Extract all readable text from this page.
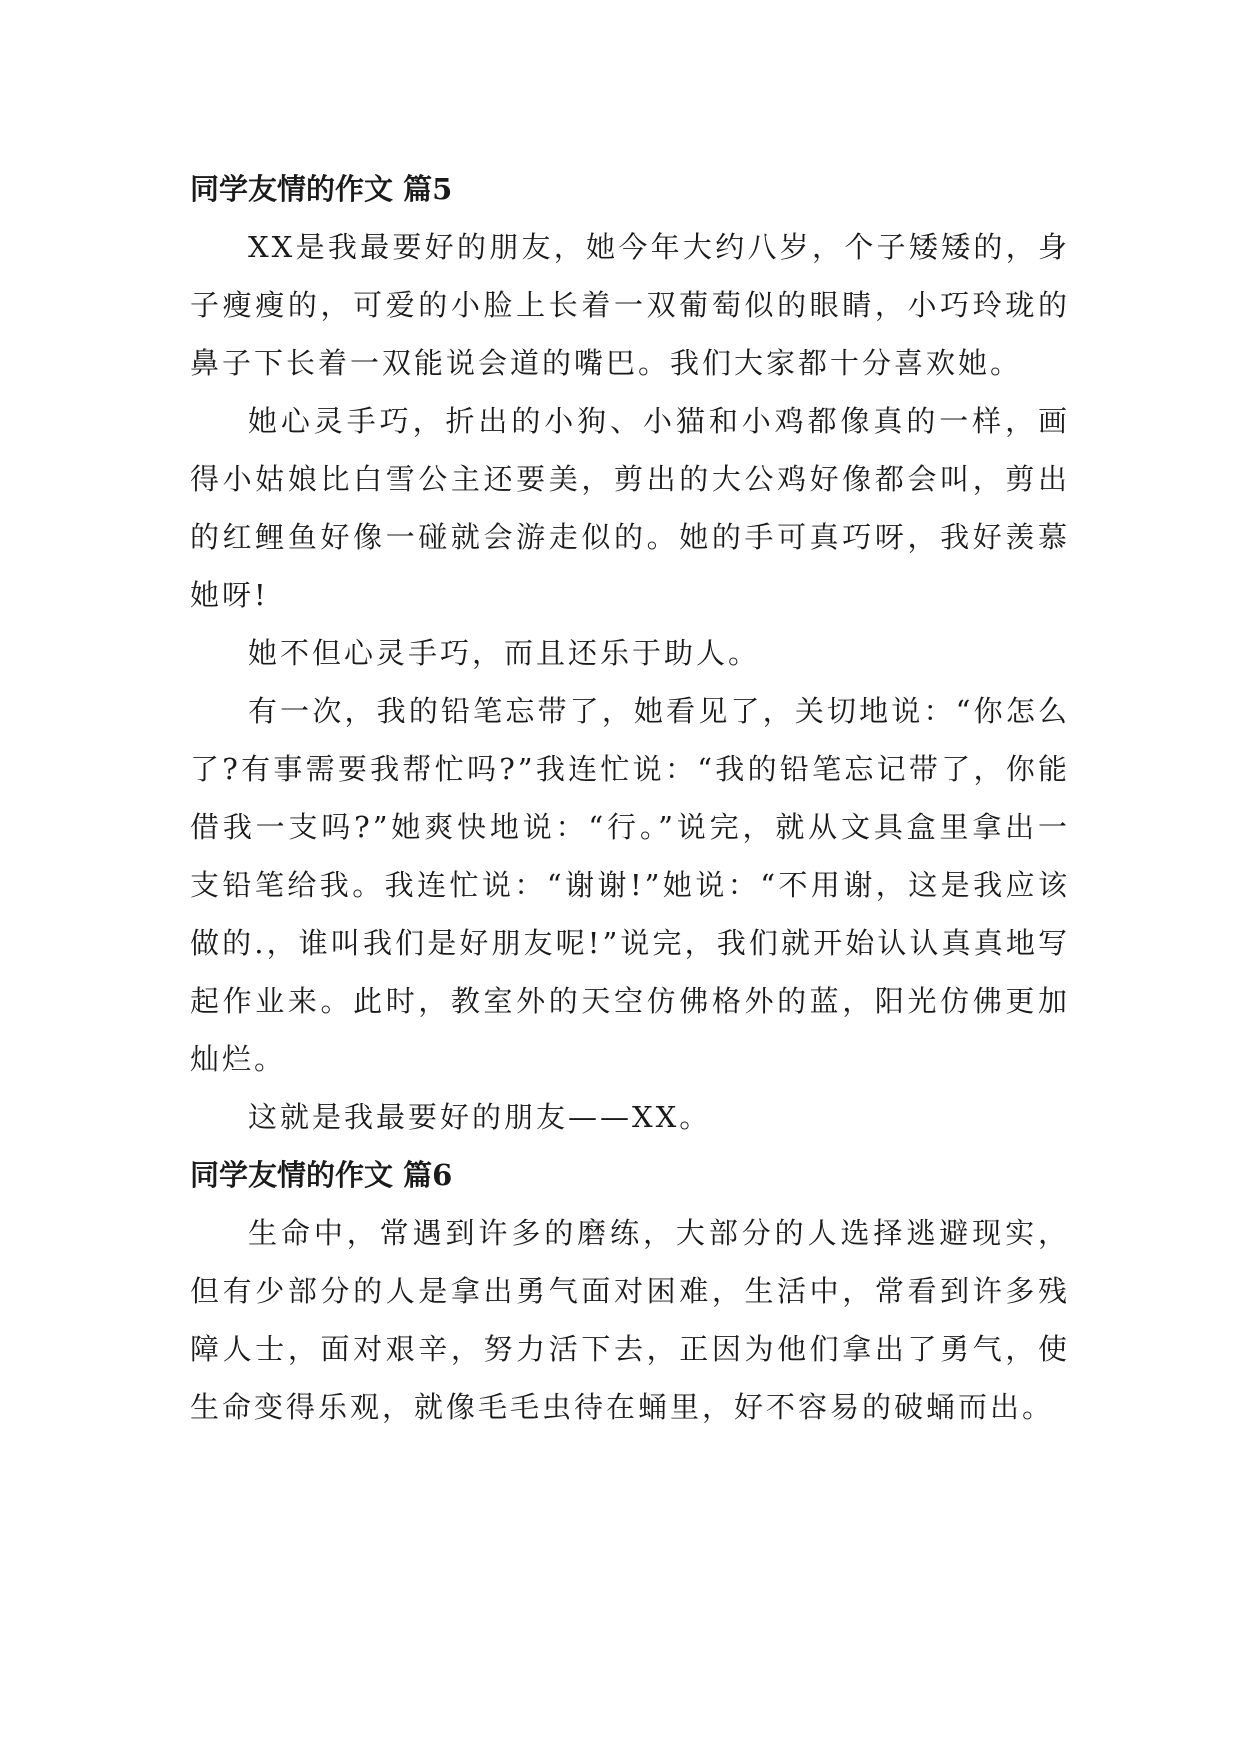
同学友情的作文 篇5

XX是我最要好的朋友，她今年大约八岁，个子矮矮的，身子瘦瘦的，可爱的小脸上长着一双葡萄似的眼睛，小巧玲珑的鼻子下长着一双能说会道的嘴巴。我们大家都十分喜欢她。

她心灵手巧，折出的小狗、小猫和小鸡都像真的一样，画得小姑娘比白雪公主还要美，剪出的大公鸡好像都会叫，剪出的红鲤鱼好像一碰就会游走似的。她的手可真巧呀，我好羡慕她呀!

她不但心灵手巧，而且还乐于助人。

有一次，我的铅笔忘带了，她看见了，关切地说：“你怎么了?有事需要我帮忙吗?”我连忙说：“我的铅笔忘记带了，你能借我一支吗?”她爽快地说：“行。”说完，就从文具盒里拿出一支铅笔给我。我连忙说：“谢谢!”她说：“不用谢，这是我应该做的.，谁叫我们是好朋友呢!”说完，我们就开始认认真真地写起作业来。此时，教室外的天空仿佛格外的蓝，阳光仿佛更加灿烂。

这就是我最要好的朋友——XX。

同学友情的作文 篇6

生命中，常遇到许多的磨练，大部分的人选择逃避现实，但有少部分的人是拿出勇气面对困难，生活中，常看到许多残障人士，面对艰辛，努力活下去，正因为他们拿出了勇气，使生命变得乐观，就像毛毛虫待在蛹里，好不容易的破蛹而出。
